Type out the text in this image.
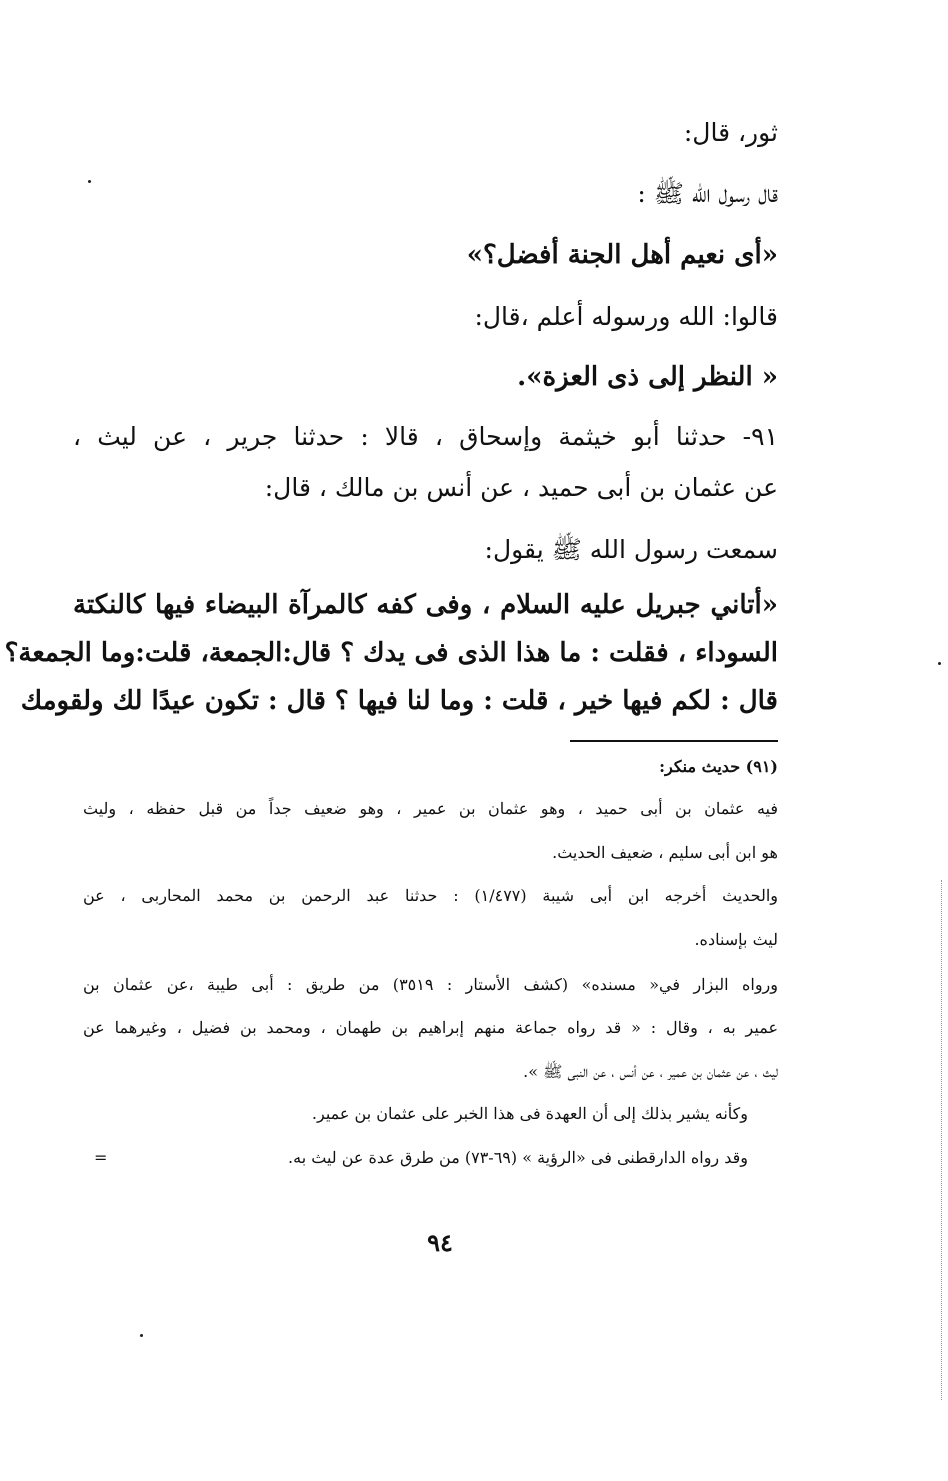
ثور، قال:

قال رسول الله ﷺ :

«أى نعيم أهل الجنة أفضل؟»

قالوا: الله ورسوله أعلم ،قال:

« النظر إلى ذى العزة».

٩١- حدثنا أبو خيثمة وإسحاق ، قالا : حدثنا جرير ، عن ليث ،

عن عثمان بن أبى حميد ، عن أنس بن مالك ، قال:

سمعت رسول الله ﷺ يقول:

«أتاني جبريل عليه السلام ، وفى كفه كالمرآة البيضاء فيها كالنكتة

السوداء ، فقلت : ما هذا الذى فى يدك ؟ قال:الجمعة، قلت:وما الجمعة؟

قال : لكم فيها خير ، قلت : وما لنا فيها ؟ قال : تكون عيدًا لك ولقومك

(٩١) حديث منكر:

فيه عثمان بن أبى حميد ، وهو عثمان بن عمير ، وهو ضعيف جداً من قبل حفظه ، وليث

هو ابن أبى سليم ، ضعيف الحديث.

والحديث أخرجه ابن أبى شيبة (١/٤٧٧) : حدثنا عبد الرحمن بن محمد المحاربى ، عن

ليث بإسناده.

ورواه البزار في« مسنده» (كشف الأستار : ٣٥١٩) من طريق : أبى طيبة ،عن عثمان بن

عمير به ، وقال : « قد رواه جماعة منهم إبراهيم بن طهمان ، ومحمد بن فضيل ، وغيرهما عن

ليث ، عن عثمان بن عمير ، عن أنس ، عن النبى ﷺ ».

وكأنه يشير بذلك إلى أن العهدة فى هذا الخبر على عثمان بن عمير.

وقد رواه الدارقطنى فى «الرؤية » (٦٩-٧٣) من طرق عدة عن ليث به.

=
٩٤
